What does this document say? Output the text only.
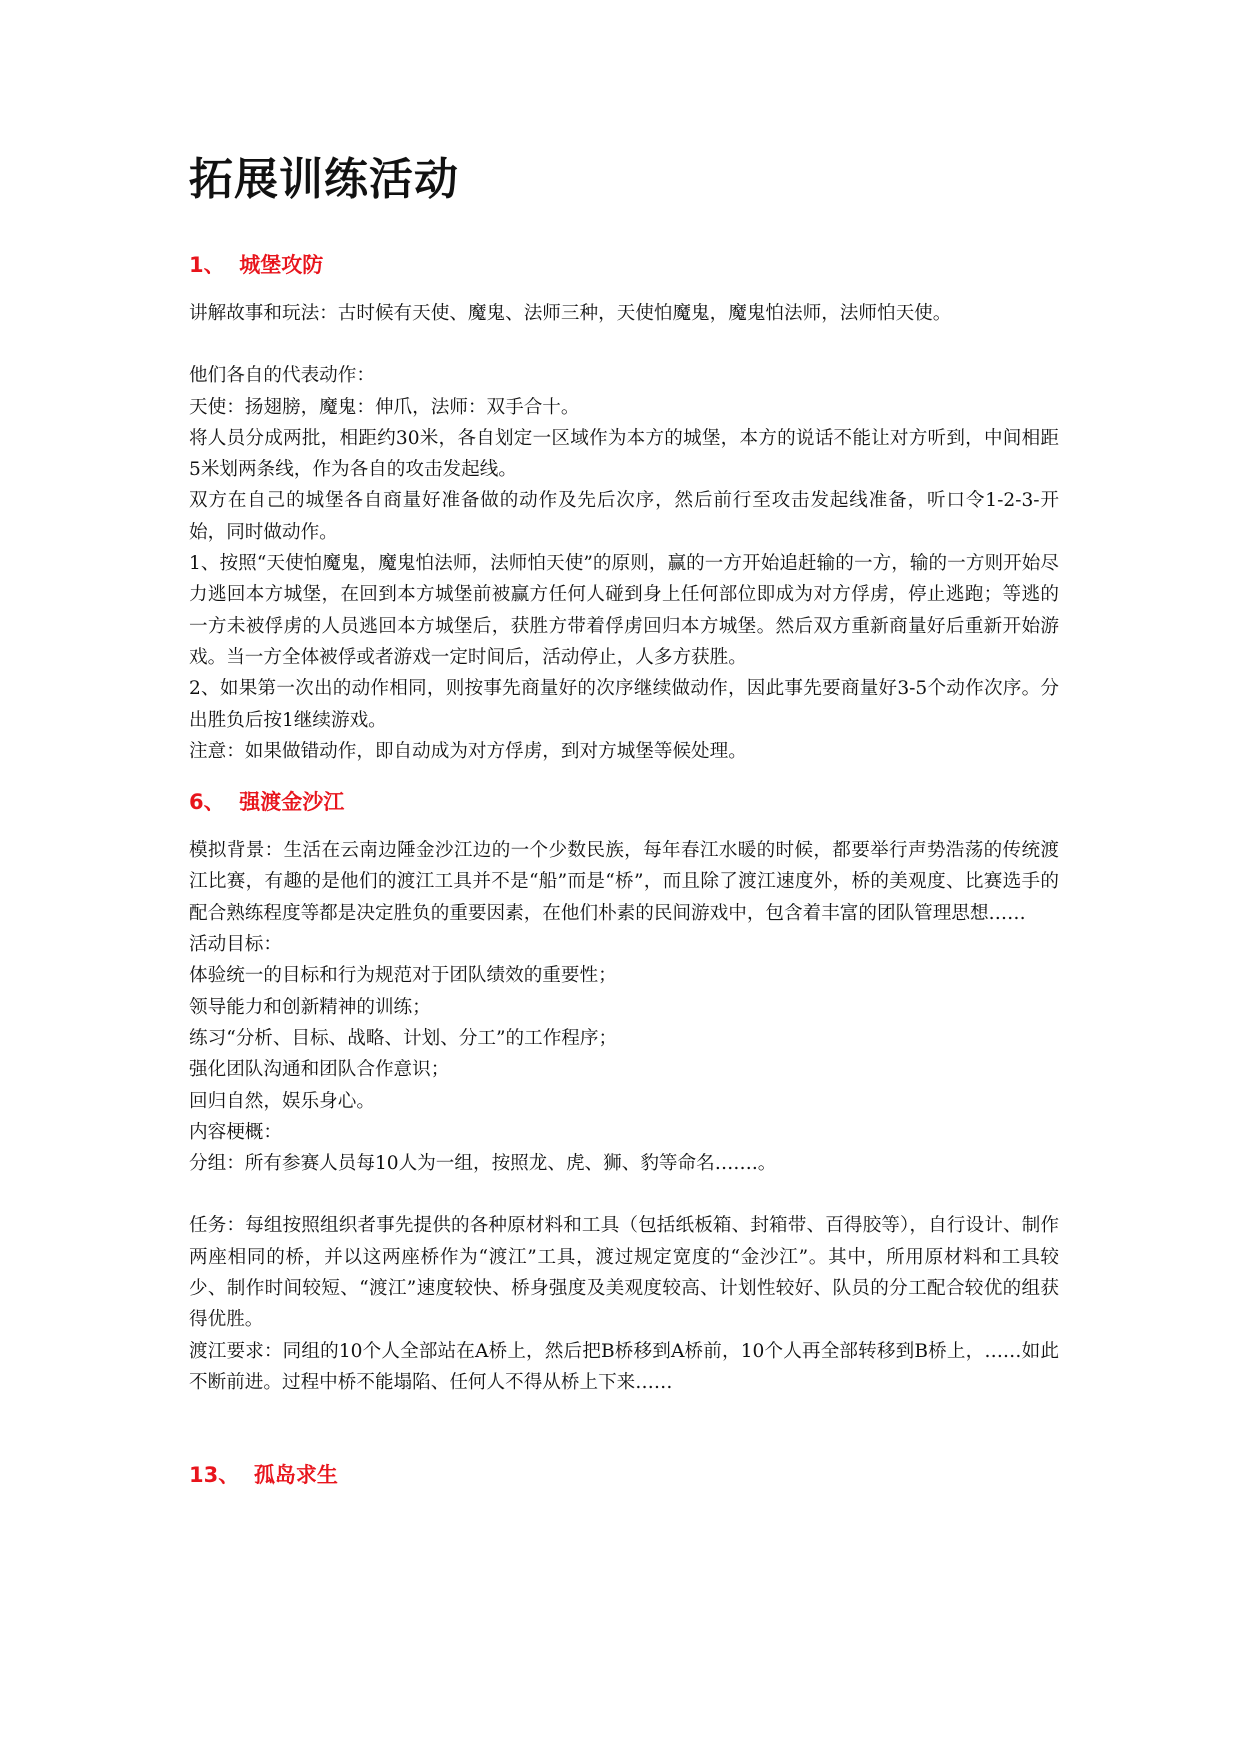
拓展训练活动
1、 城堡攻防

讲解故事和玩法：古时候有天使、魔鬼、法师三种，天使怕魔鬼，魔鬼怕法师，法师怕天使。

他们各自的代表动作：

天使：扬翅膀，魔鬼：伸爪，法师：双手合十。

将人员分成两批，相距约30米，各自划定一区域作为本方的城堡，本方的说话不能让对方听到，中间相距5米划两条线，作为各自的攻击发起线。

双方在自己的城堡各自商量好准备做的动作及先后次序，然后前行至攻击发起线准备，听口令1-2-3-开始，同时做动作。

1、按照“天使怕魔鬼，魔鬼怕法师，法师怕天使”的原则，赢的一方开始追赶输的一方，输的一方则开始尽力逃回本方城堡，在回到本方城堡前被赢方任何人碰到身上任何部位即成为对方俘虏，停止逃跑；等逃的一方未被俘虏的人员逃回本方城堡后，获胜方带着俘虏回归本方城堡。然后双方重新商量好后重新开始游戏。当一方全体被俘或者游戏一定时间后，活动停止，人多方获胜。

2、如果第一次出的动作相同，则按事先商量好的次序继续做动作，因此事先要商量好3-5个动作次序。分出胜负后按1继续游戏。

注意：如果做错动作，即自动成为对方俘虏，到对方城堡等候处理。

6、 强渡金沙江

模拟背景：生活在云南边陲金沙江边的一个少数民族，每年春江水暖的时候，都要举行声势浩荡的传统渡江比赛，有趣的是他们的渡江工具并不是“船”而是“桥”，而且除了渡江速度外，桥的美观度、比赛选手的配合熟练程度等都是决定胜负的重要因素，在他们朴素的民间游戏中，包含着丰富的团队管理思想……

活动目标：

体验统一的目标和行为规范对于团队绩效的重要性；

领导能力和创新精神的训练；

练习“分析、目标、战略、计划、分工”的工作程序；

强化团队沟通和团队合作意识；

回归自然，娱乐身心。

内容梗概：

分组：所有参赛人员每10人为一组，按照龙、虎、狮、豹等命名…….。

任务：每组按照组织者事先提供的各种原材料和工具（包括纸板箱、封箱带、百得胶等），自行设计、制作两座相同的桥，并以这两座桥作为“渡江”工具，渡过规定宽度的“金沙江”。其中，所用原材料和工具较少、制作时间较短、“渡江”速度较快、桥身强度及美观度较高、计划性较好、队员的分工配合较优的组获得优胜。

渡江要求：同组的10个人全部站在A桥上，然后把B桥移到A桥前，10个人再全部转移到B桥上，……如此不断前进。过程中桥不能塌陷、任何人不得从桥上下来……

13、 孤岛求生
